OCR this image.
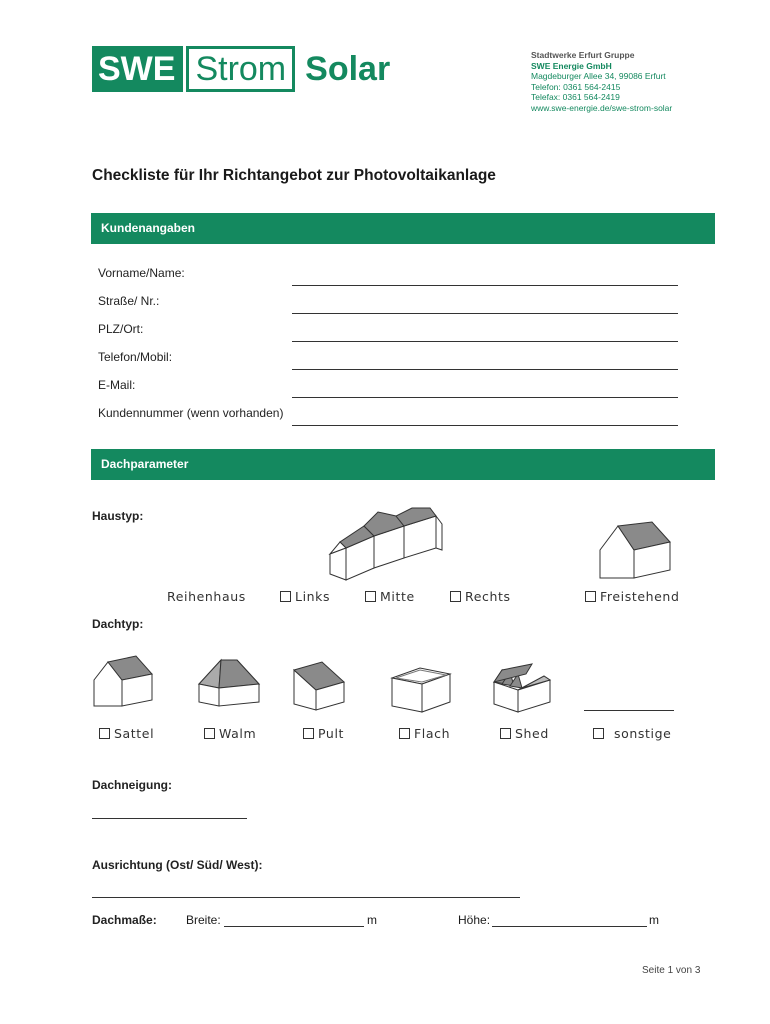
SWE Strom Solar	Stadtwerke Erfurt Gruppe
SWE Energie GmbH
Magdeburger Allee 34, 99086 Erfurt
Telefon: 0361 564-2415
Telefax: 0361 564-2419
www.swe-energie.de/swe-strom-solar
Checkliste für Ihr Richtangebot zur Photovoltaikanlage
Kundenangaben
Vorname/Name:
Straße/ Nr.:
PLZ/Ort:
Telefon/Mobil:
E-Mail:
Kundennummer (wenn vorhanden)
Dachparameter
Haustyp:
Reihenhaus	Links	Mitte	Rechts	Freistehend
Dachtyp:
Sattel	Walm	Pult	Flach	Shed	sonstige
Dachneigung:
Ausrichtung (Ost/ Süd/ West):
Dachmaße: Breite:	m	Höhe:	m
Seite 1 von 3
